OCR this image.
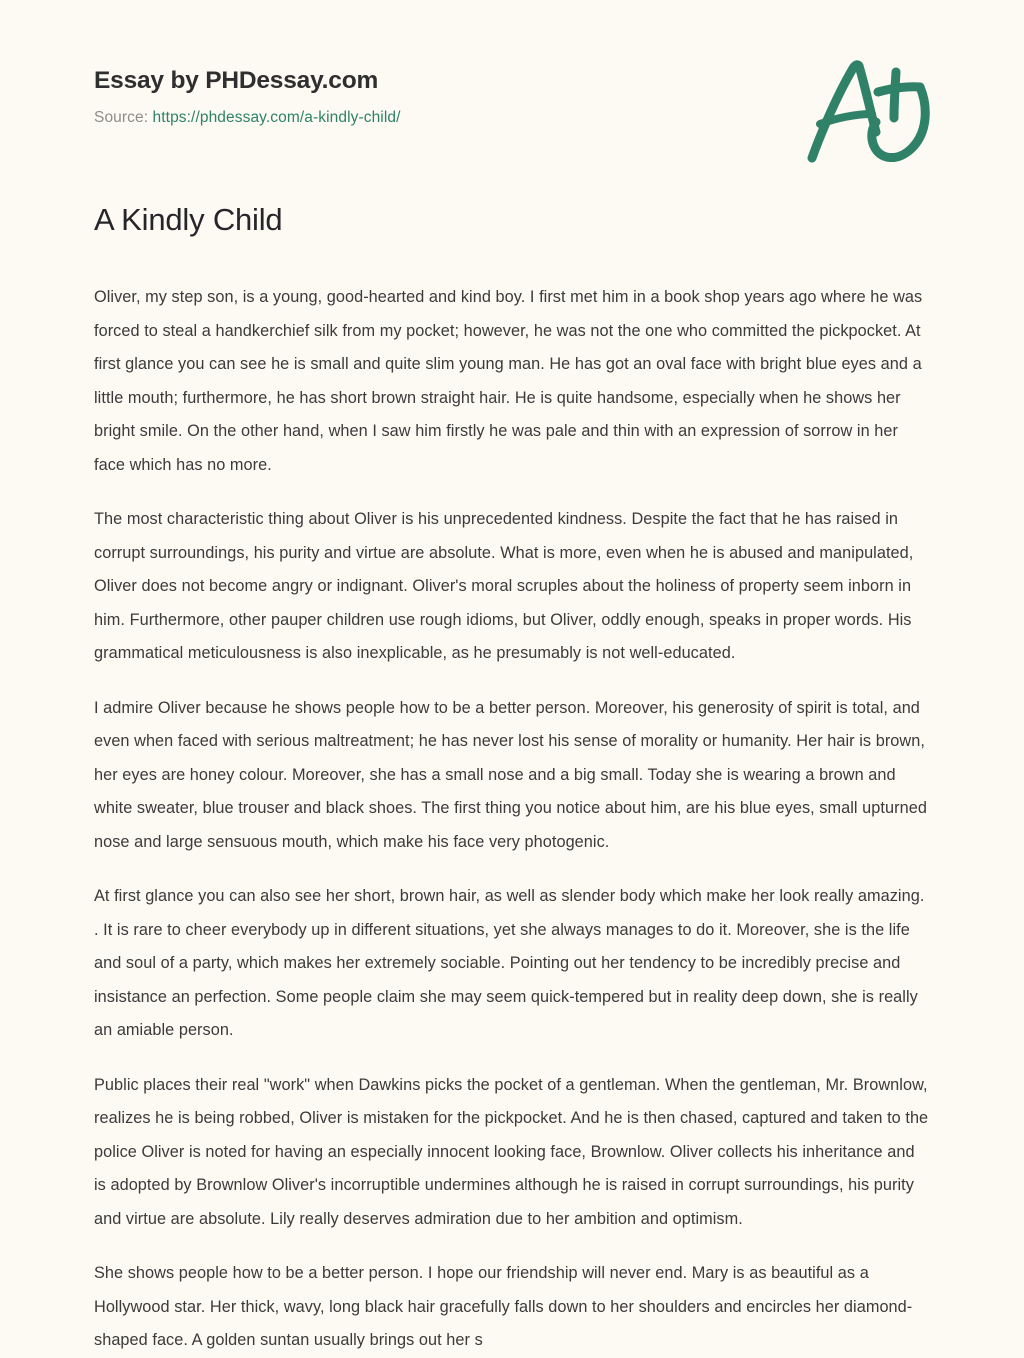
Essay by PHDessay.com
Source: https://phdessay.com/a-kindly-child/
A Kindly Child

Oliver, my step son, is a young, good-hearted and kind boy. I first met him in a book shop years ago where he was forced to steal a handkerchief silk from my pocket; however, he was not the one who committed the pickpocket. At first glance you can see he is small and quite slim young man. He has got an oval face with bright blue eyes and a little mouth; furthermore, he has short brown straight hair. He is quite handsome, especially when he shows her bright smile. On the other hand, when I saw him firstly he was pale and thin with an expression of sorrow in her face which has no more.

The most characteristic thing about Oliver is his unprecedented kindness. Despite the fact that he has raised in corrupt surroundings, his purity and virtue are absolute. What is more, even when he is abused and manipulated, Oliver does not become angry or indignant. Oliver's moral scruples about the holiness of property seem inborn in him. Furthermore, other pauper children use rough idioms, but Oliver, oddly enough, speaks in proper words. His grammatical meticulousness is also inexplicable, as he presumably is not well-educated.

I admire Oliver because he shows people how to be a better person. Moreover, his generosity of spirit is total, and even when faced with serious maltreatment; he has never lost his sense of morality or humanity. Her hair is brown, her eyes are honey colour. Moreover, she has a small nose and a big small. Today she is wearing a brown and white sweater, blue trouser and black shoes. The first thing you notice about him, are his blue eyes, small upturned nose and large sensuous mouth, which make his face very photogenic.

At first glance you can also see her short, brown hair, as well as slender body which make her look really amazing. . It is rare to cheer everybody up in different situations, yet she always manages to do it. Moreover, she is the life and soul of a party, which makes her extremely sociable. Pointing out her tendency to be incredibly precise and insistance an perfection. Some people claim she may seem quick-tempered but in reality deep down, she is really an amiable person.

Public places their real "work" when Dawkins picks the pocket of a gentleman. When the gentleman, Mr. Brownlow, realizes he is being robbed, Oliver is mistaken for the pickpocket. And he is then chased, captured and taken to the police Oliver is noted for having an especially innocent looking face, Brownlow. Oliver collects his inheritance and is adopted by Brownlow Oliver's incorruptible undermines although he is raised in corrupt surroundings, his purity and virtue are absolute. Lily really deserves admiration due to her ambition and optimism.

She shows people how to be a better person. I hope our friendship will never end. Mary is as beautiful as a Hollywood star. Her thick, wavy, long black hair gracefully falls down to her shoulders and encircles her diamond-shaped face. A golden suntan usually brings out her s
